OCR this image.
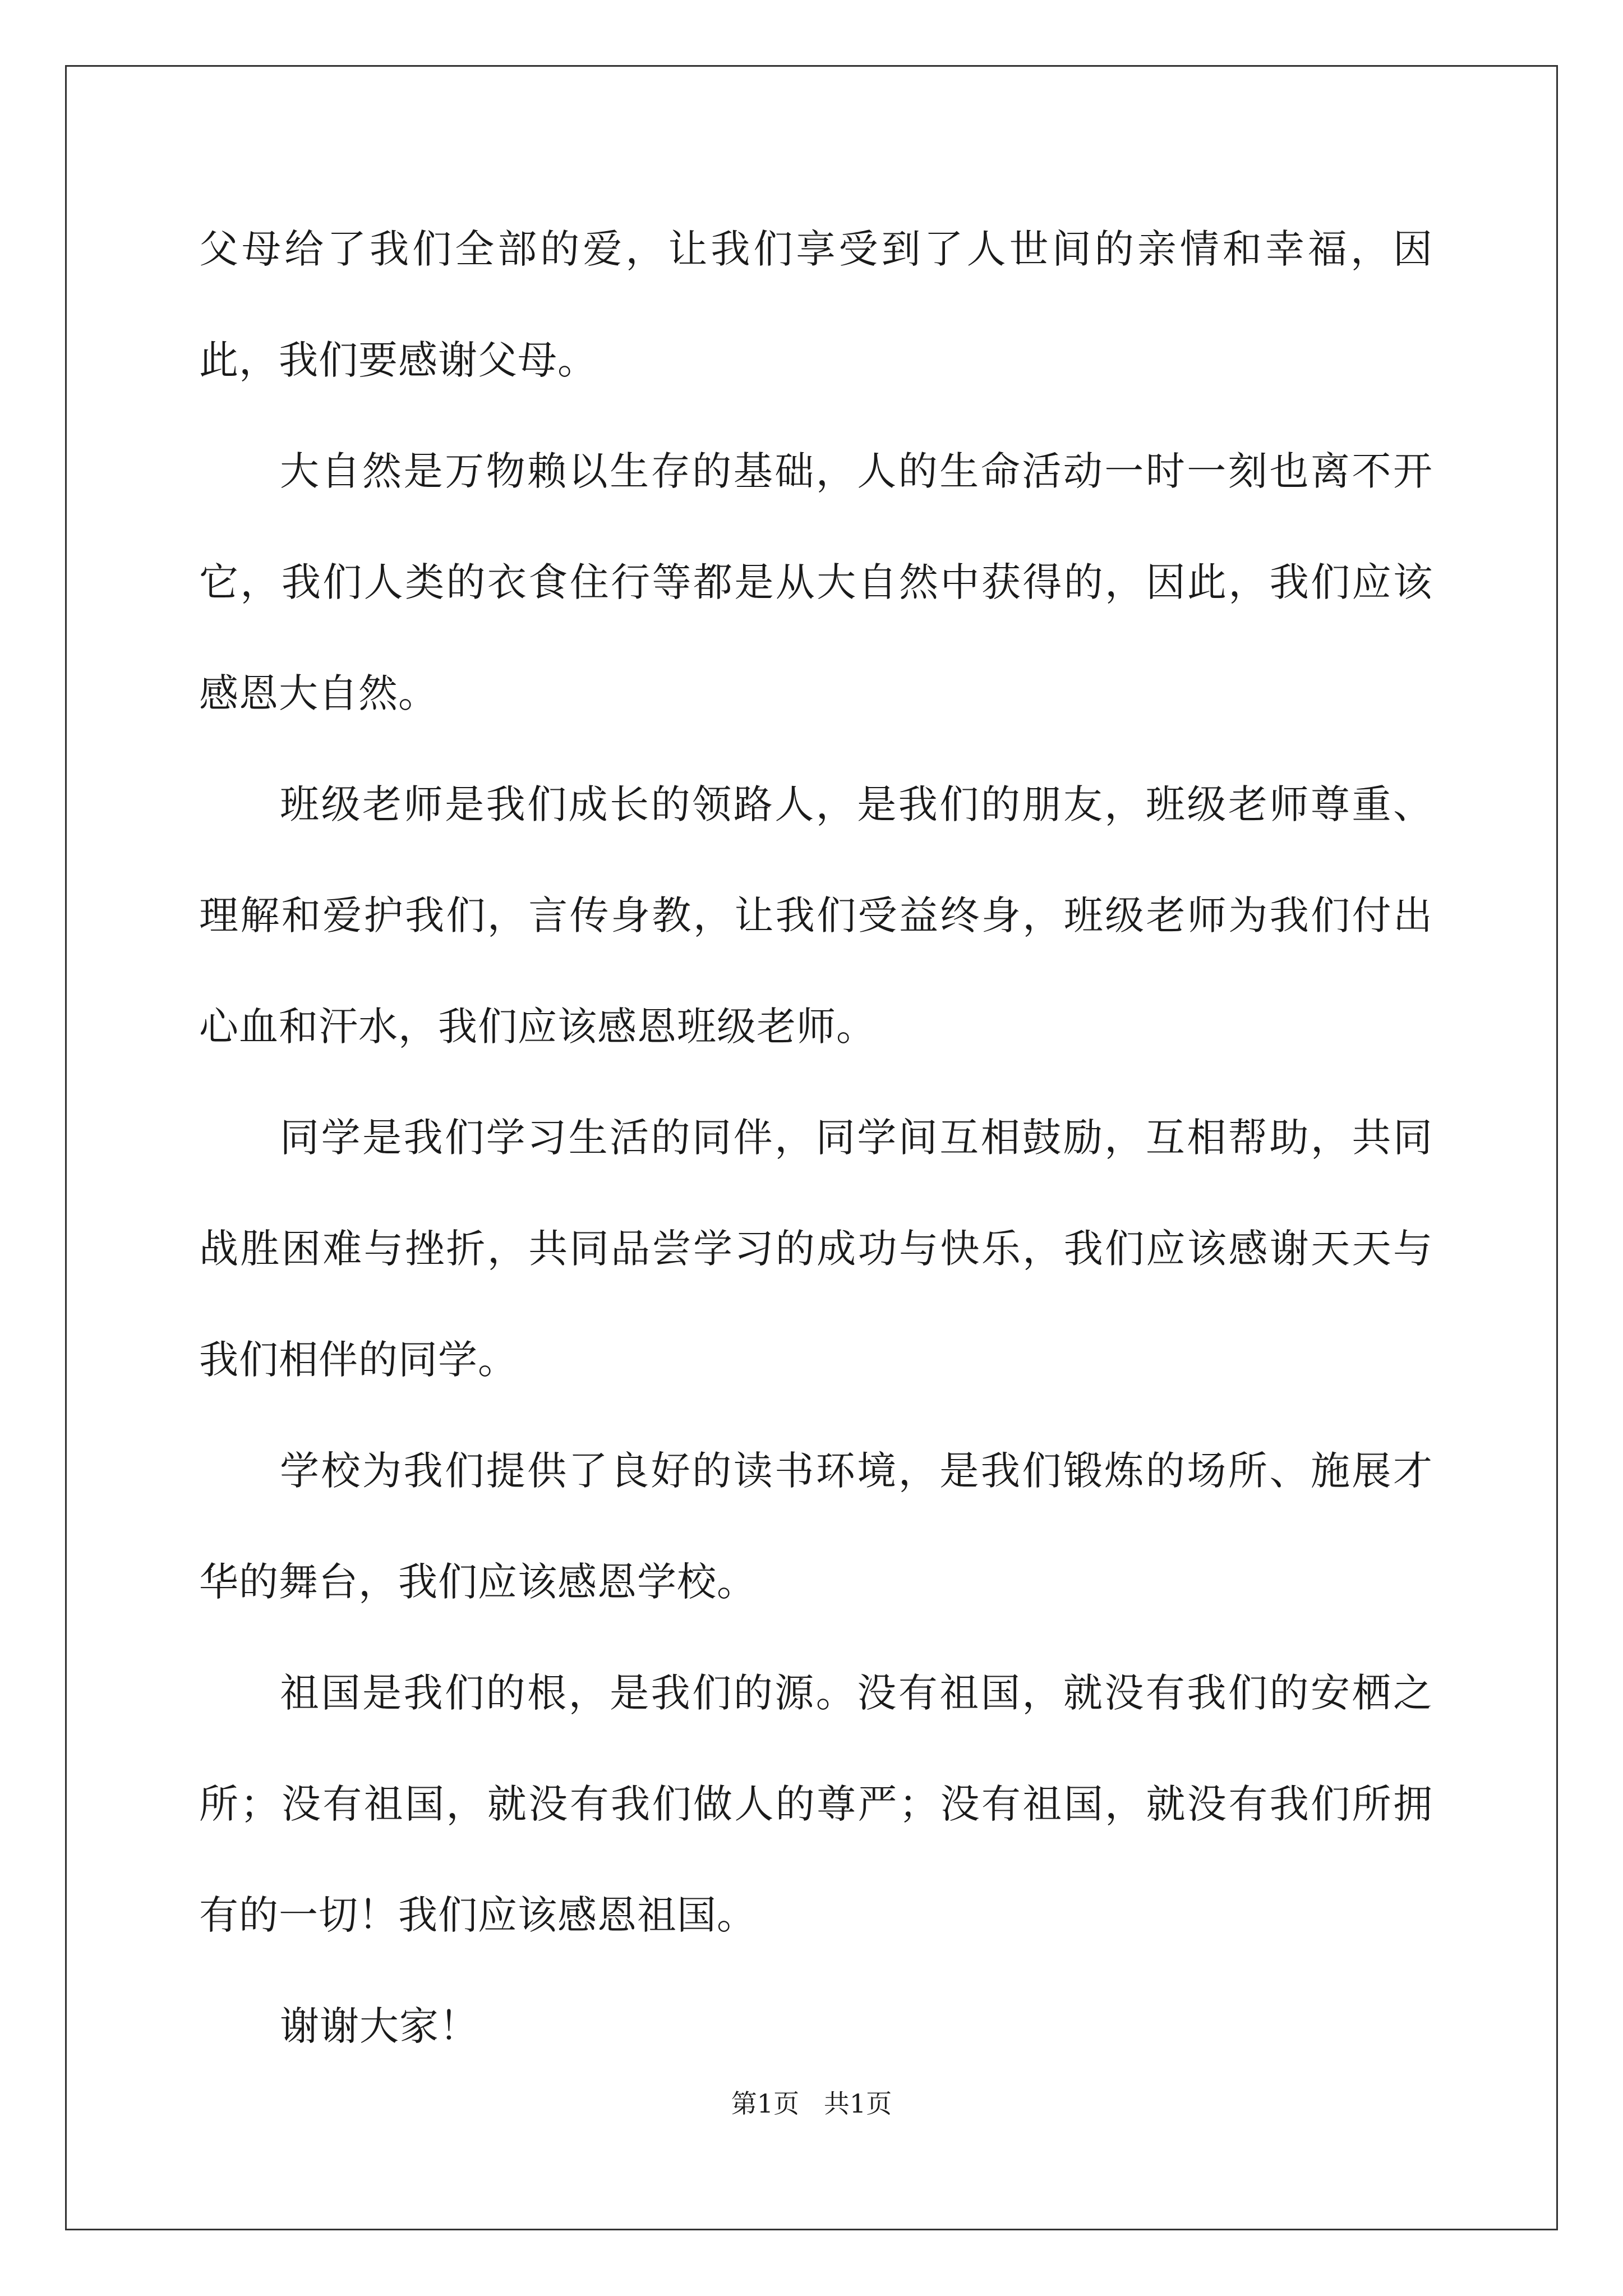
父母给了我们全部的爱，让我们享受到了人世间的亲情和幸福，因此，我们要感谢父母。

大自然是万物赖以生存的基础，人的生命活动一时一刻也离不开它，我们人类的衣食住行等都是从大自然中获得的，因此，我们应该感恩大自然。

班级老师是我们成长的领路人，是我们的朋友，班级老师尊重、理解和爱护我们，言传身教，让我们受益终身，班级老师为我们付出心血和汗水，我们应该感恩班级老师。

同学是我们学习生活的同伴，同学间互相鼓励，互相帮助，共同战胜困难与挫折，共同品尝学习的成功与快乐，我们应该感谢天天与我们相伴的同学。

学校为我们提供了良好的读书环境，是我们锻炼的场所、施展才华的舞台，我们应该感恩学校。

祖国是我们的根，是我们的源。没有祖国，就没有我们的安栖之所；没有祖国，就没有我们做人的尊严；没有祖国，就没有我们所拥有的一切！我们应该感恩祖国。

谢谢大家！

第1页   共1页
